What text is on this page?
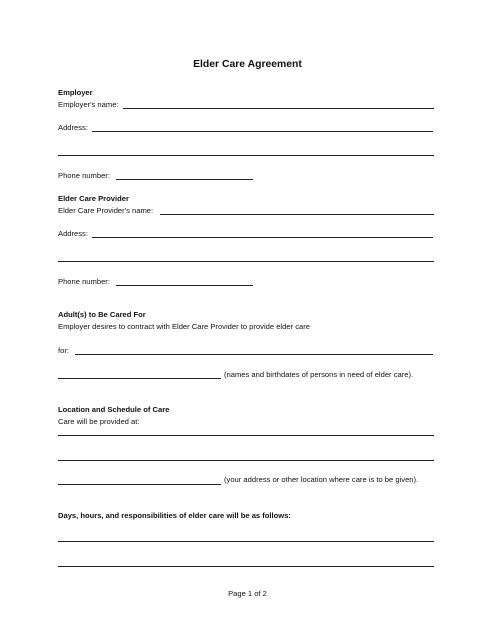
Elder Care Agreement
Employer
Employer's name:
Address:
Phone number:
Elder Care Provider
Elder Care Provider's name:
Address:
Phone number:
Adult(s) to Be Cared For
Employer desires to contract with Elder Care Provider to provide elder care
for:
(names and birthdates of persons in need of elder care).
Location and Schedule of Care
Care will be provided at:
(your address or other location where care is to be given).
Days, hours, and responsibilities of elder care will be as follows:
Page 1 of 2
